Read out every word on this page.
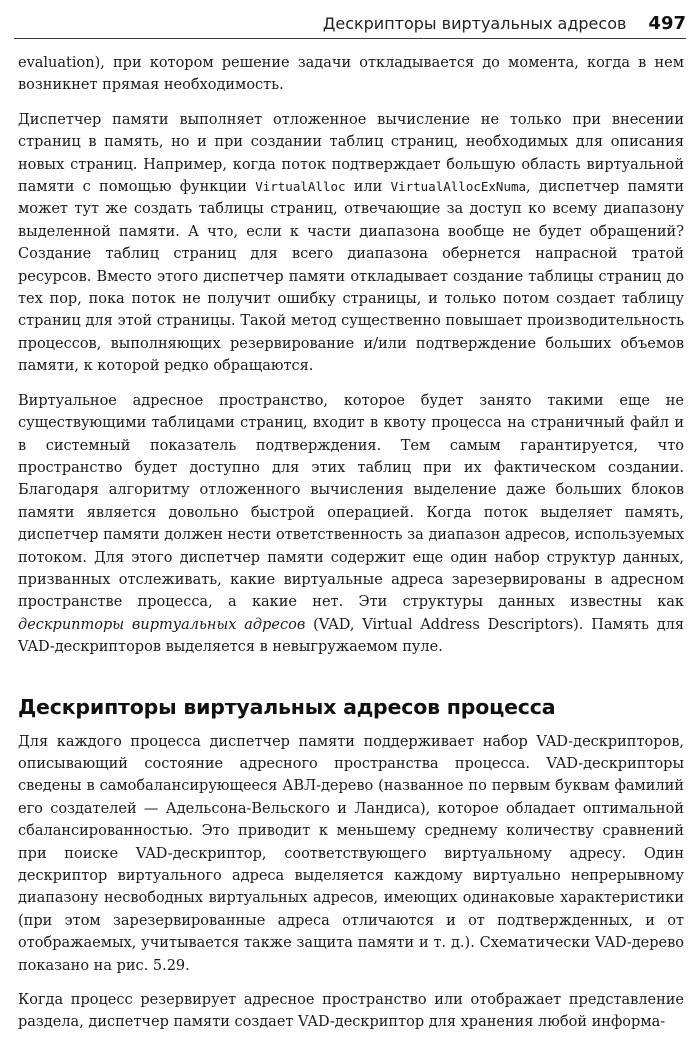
Дескрипторы виртуальных адресов 497

evaluation), при котором решение задачи откладывается до момента, когда в нем возникнет прямая необходимость.

Диспетчер памяти выполняет отложенное вычисление не только при внесении страниц в память, но и при создании таблиц страниц, необходимых для описания новых страниц. Например, когда поток подтверждает большую область виртуальной памяти с помощью функции VirtualAlloc или VirtualAllocExNuma, диспетчер памяти может тут же создать таблицы страниц, отвечающие за доступ ко всему диапазону выделенной памяти. А что, если к части диапазона вообще не будет обращений? Создание таблиц страниц для всего диапазона обернется напрасной тратой ресурсов. Вместо этого диспетчер памяти откладывает создание таблицы страниц до тех пор, пока поток не получит ошибку страницы, и только потом создает таблицу страниц для этой страницы. Такой метод существенно повышает производительность процессов, выполняющих резервирование и/или подтверждение больших объемов памяти, к которой редко обращаются.

Виртуальное адресное пространство, которое будет занято такими еще не существующими таблицами страниц, входит в квоту процесса на страничный файл и в системный показатель подтверждения. Тем самым гарантируется, что пространство будет доступно для этих таблиц при их фактическом создании. Благодаря алгоритму отложенного вычисления выделение даже больших блоков памяти является довольно быстрой операцией. Когда поток выделяет память, диспетчер памяти должен нести ответственность за диапазон адресов, используемых потоком. Для этого диспетчер памяти содержит еще один набор структур данных, призванных отслеживать, какие виртуальные адреса зарезервированы в адресном пространстве процесса, а какие нет. Эти структуры данных известны как дескрипторы виртуальных адресов (VAD, Virtual Address Descriptors). Память для VAD-дескрипторов выделяется в невыгружаемом пуле.

Дескрипторы виртуальных адресов процесса

Для каждого процесса диспетчер памяти поддерживает набор VAD-дескрипторов, описывающий состояние адресного пространства процесса. VAD-дескрипторы сведены в самобалансирующееся АВЛ-дерево (названное по первым буквам фамилий его создателей — Адельсона-Вельского и Ландиса), которое обладает оптимальной сбалансированностью. Это приводит к меньшему среднему количеству сравнений при поиске VAD-дескриптор, соответствующего виртуальному адресу. Один дескриптор виртуального адреса выделяется каждому виртуально непрерывному диапазону несвободных виртуальных адресов, имеющих одинаковые характеристики (при этом зарезервированные адреса отличаются и от подтвержденных, и от отображаемых, учитывается также защита памяти и т. д.). Схематически VAD-дерево показано на рис. 5.29.

Когда процесс резервирует адресное пространство или отображает представление раздела, диспетчер памяти создает VAD-дескриптор для хранения любой информа-
